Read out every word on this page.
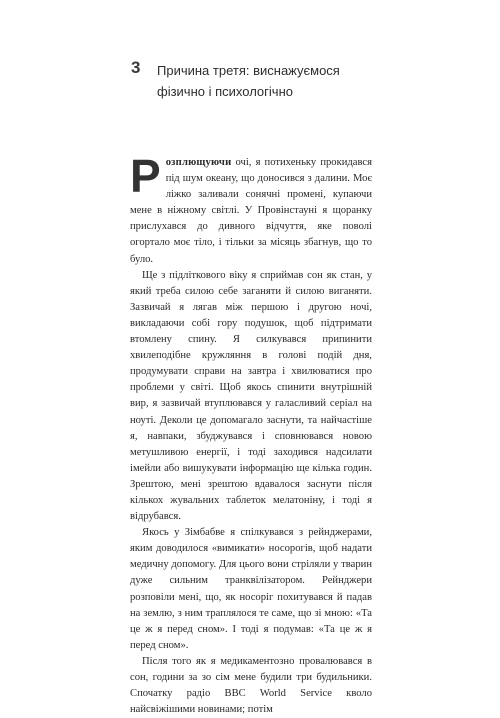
3 Причина третя: виснажуємося фізично і психологічно

Розплющуючи очі, я потихеньку прокидався під шум океану, що доносився з далини. Моє ліжко заливали сонячні промені, купаючи мене в ніжному світлі. У Провінстауні я щоранку прислухався до дивного відчуття, яке поволі огортало моє тіло, і тільки за місяць збагнув, що то було.

Ще з підліткового віку я сприймав сон як стан, у який треба силою себе заганяти й силою виганяти. Зазвичай я лягав між першою і другою ночі, викладаючи собі гору подушок, щоб підтримати втомлену спину. Я силкувався припинити хвилеподібне кружляння в голові подій дня, продумувати справи на завтра і хвилюватися про проблеми у світі. Щоб якось спинити внутрішній вир, я зазвичай втуплювався у галасливий серіал на ноуті. Деколи це допомагало заснути, та найчастіше я, навпаки, збуджувався і сповнювався новою метушливою енергії, і тоді заходився надсилати імейли або вишукувати інформацію ще кілька годин. Зрештою, мені зрештою вдавалося заснути після кількох жувальних таблеток мелатоніну, і тоді я відрубався.

Якось у Зімбабве я спілкувався з рейнджерами, яким доводилося «вимикати» носорогів, щоб надати медичну допомогу. Для цього вони стріляли у тварин дуже сильним транквілізатором. Рейнджери розповіли мені, що, як носоріг похитувався й падав на землю, з ним траплялося те саме, що зі мною: «Та це ж я перед сном». І тоді я подумав: «Та це ж я перед сном».

Після того як я медикаментозно провалювався в сон, години за зо сім мене будили три будильники. Спочатку радіо BBC World Service кволо найсвіжішими новинами; потім
